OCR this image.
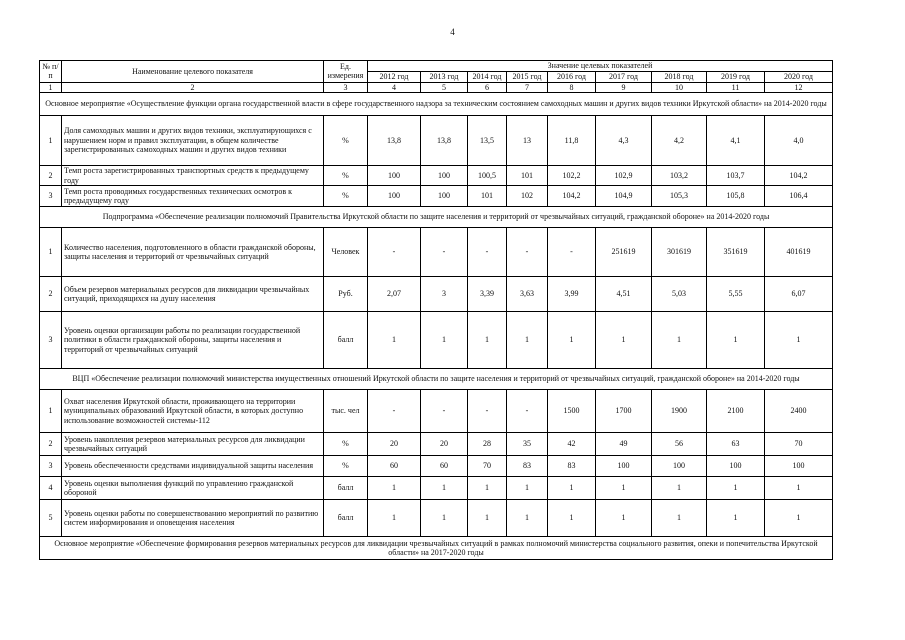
4
№ п/п	Наименование целевого показателя	Ед. измерения	Значение целевых показателей								
			2012 год	2013 год	2014 год	2015 год	2016 год	2017 год	2018 год	2019 год	2020 год
1	2	3	4	5	6	7	8	9	10	11	12
Основное мероприятие «Осуществление функции органа государственной власти в сфере государственного надзора за техническим состоянием самоходных машин и других видов техники Иркутской области» на 2014-2020 годы											
1	Доля самоходных машин и других видов техники, эксплуатирующихся с нарушением норм и правил эксплуатации, в общем количестве зарегистрированных самоходных машин и других видов техники	%	13,8	13,8	13,5	13	11,8	4,3	4,2	4,1	4,0
2	Темп роста зарегистрированных транспортных средств к предыдущему году	%	100	100	100,5	101	102,2	102,9	103,2	103,7	104,2
3	Темп роста проводимых государственных технических осмотров к предыдущему году	%	100	100	101	102	104,2	104,9	105,3	105,8	106,4
Подпрограмма «Обеспечение реализации полномочий Правительства Иркутской области по защите населения и территорий от чрезвычайных ситуаций, гражданской обороне» на 2014-2020 годы											
1	Количество населения, подготовленного в области гражданской обороны, защиты населения и территорий от чрезвычайных ситуаций	Человек	-	-	-	-	-	251619	301619	351619	401619
2	Объем резервов материальных ресурсов для ликвидации чрезвычайных ситуаций, приходящихся на душу населения	Руб.	2,07	3	3,39	3,63	3,99	4,51	5,03	5,55	6,07
3	Уровень оценки организации работы по реализации государственной политики в области гражданской обороны, защиты населения и территорий от чрезвычайных ситуаций	балл	1	1	1	1	1	1	1	1	1
ВЦП «Обеспечение реализации полномочий министерства имущественных отношений Иркутской области по защите населения и территорий от чрезвычайных ситуаций, гражданской обороне» на 2014-2020 годы											
1	Охват населения Иркутской области, проживающего на территории муниципальных образований Иркутской области, в которых доступно использование возможностей системы-112	тыс. чел	-	-	-	-	1500	1700	1900	2100	2400
2	Уровень накопления резервов материальных ресурсов для ликвидации чрезвычайных ситуаций	%	20	20	28	35	42	49	56	63	70
3	Уровень обеспеченности средствами индивидуальной защиты населения	%	60	60	70	83	83	100	100	100	100
4	Уровень оценки выполнения функций по управлению гражданской обороной	балл	1	1	1	1	1	1	1	1	1
5	Уровень оценки работы по совершенствованию мероприятий по развитию систем информирования и оповещения населения	балл	1	1	1	1	1	1	1	1	1
Основное мероприятие «Обеспечение формирования резервов материальных ресурсов для ликвидации чрезвычайных ситуаций в рамках полномочий министерства социального развития, опеки и попечительства Иркутской области» на 2017-2020 годы											
